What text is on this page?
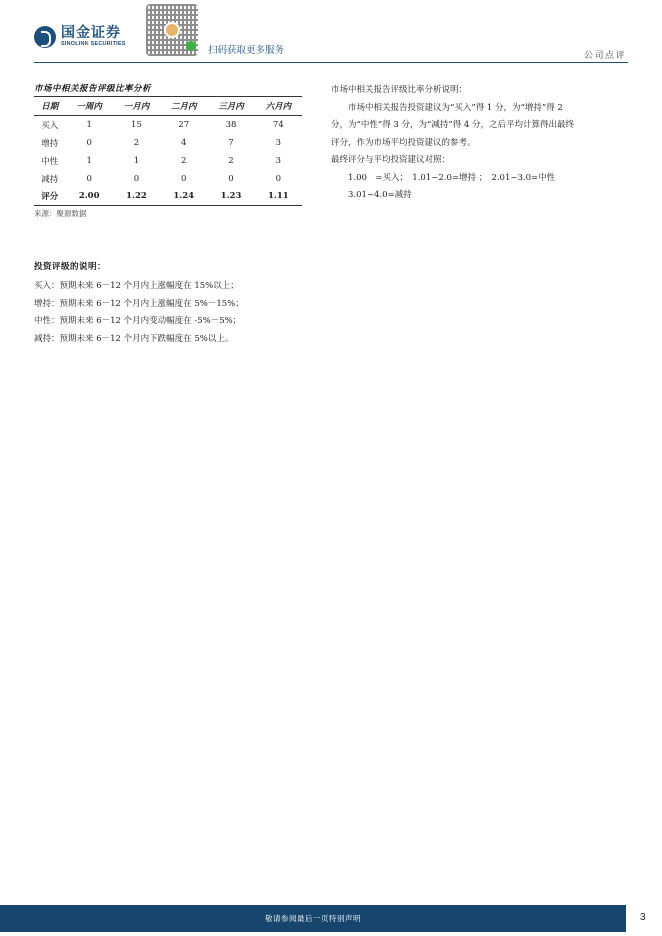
国金证券
SINOLINK SECURITIES
扫码获取更多服务	公司点评
市场中相关报告评级比率分析
日期	一周内	一月内	二月内	三月内	六月内
买入	1	15	27	38	74
增持	0	2	4	7	3
中性	1	1	2	2	3
减持	0	0	0	0	0
评分	2.00	1.22	1.24	1.23	1.11
来源：聚源数据
投资评级的说明：
买入：预期未来 6－12 个月内上涨幅度在 15%以上；
增持：预期未来 6－12 个月内上涨幅度在 5%－15%；
中性：预期未来 6－12 个月内变动幅度在 -5%－5%；
减持：预期未来 6－12 个月内下跌幅度在 5%以上。

市场中相关报告评级比率分析说明：

市场中相关报告投资建议为“买入”得 1 分，为“增持”得 2

分，为“中性”得 3 分，为“减持”得 4 分，之后平均计算得出最终

评分，作为市场平均投资建议的参考。

最终评分与平均投资建议对照：

1.00　=买入；　1.01~2.0=增持 ；　2.01~3.0=中性

3.01~4.0=减持

敬请参阅最后一页特别声明	3
